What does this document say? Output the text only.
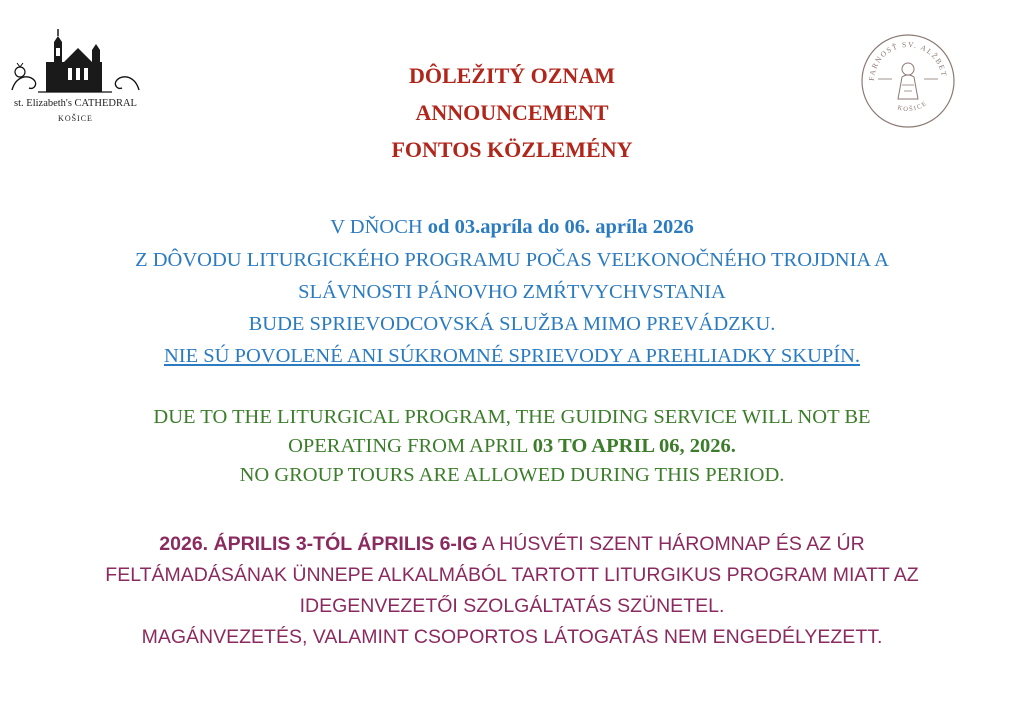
st. Elizabeth's CATHEDRAL
KOŠICE
FARNOSŤ SV. ALŽBET
KOŠICE
DÔLEŽITÝ OZNAM
ANNOUNCEMENT
FONTOS KÖZLEMÉNY
V DŇOCH od 03.apríla do 06. apríla 2026
Z DÔVODU LITURGICKÉHO PROGRAMU POČAS VEĽKONOČNÉHO TROJDNIA A
SLÁVNOSTI PÁNOVHO ZMŔTVYCHVSTANIA
BUDE SPRIEVODCOVSKÁ SLUŽBA MIMO PREVÁDZKU.
NIE SÚ POVOLENÉ ANI SÚKROMNÉ SPRIEVODY A PREHLIADKY SKUPÍN.
DUE TO THE LITURGICAL PROGRAM, THE GUIDING SERVICE WILL NOT BE
OPERATING FROM APRIL 03 TO APRIL 06, 2026.
NO GROUP TOURS ARE ALLOWED DURING THIS PERIOD.
2026. ÁPRILIS 3-TÓL ÁPRILIS 6-IG A HÚSVÉTI SZENT HÁROMNAP ÉS AZ ÚR
FELTÁMADÁSÁNAK ÜNNEPE ALKALMÁBÓL TARTOTT LITURGIKUS PROGRAM MIATT AZ
IDEGENVEZETŐI SZOLGÁLTATÁS SZÜNETEL.
MAGÁNVEZETÉS, VALAMINT CSOPORTOS LÁTOGATÁS NEM ENGEDÉLYEZETT.
